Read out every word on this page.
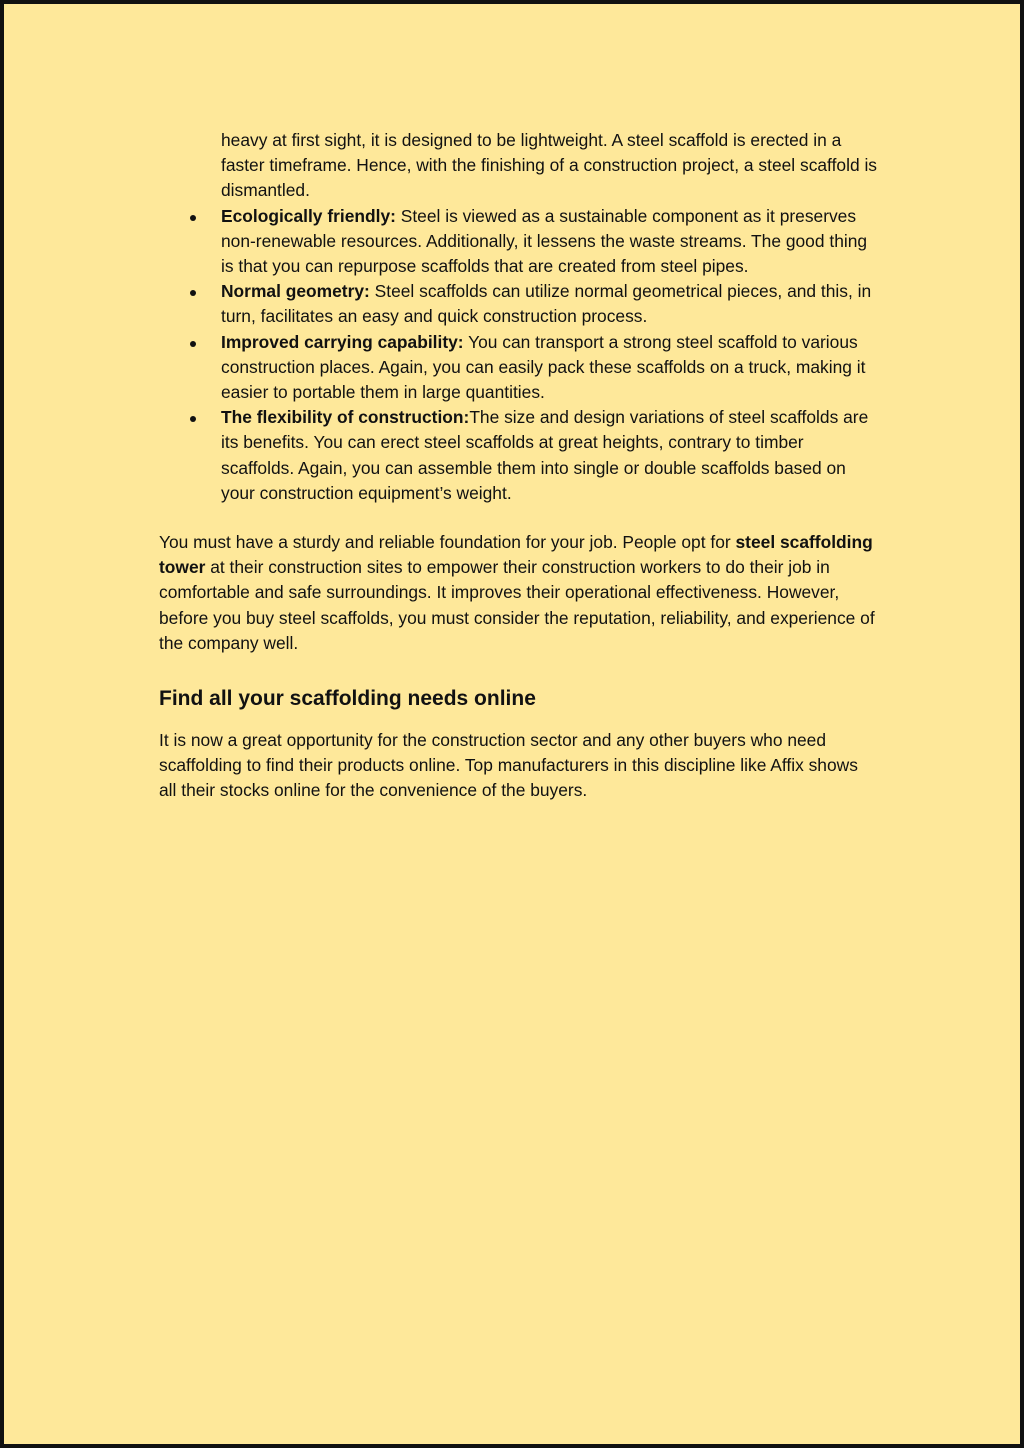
heavy at first sight, it is designed to be lightweight. A steel scaffold is erected in a faster timeframe. Hence, with the finishing of a construction project, a steel scaffold is dismantled.

Ecologically friendly: Steel is viewed as a sustainable component as it preserves non-renewable resources. Additionally, it lessens the waste streams. The good thing is that you can repurpose scaffolds that are created from steel pipes.
Normal geometry: Steel scaffolds can utilize normal geometrical pieces, and this, in turn, facilitates an easy and quick construction process.
Improved carrying capability: You can transport a strong steel scaffold to various construction places. Again, you can easily pack these scaffolds on a truck, making it easier to portable them in large quantities.
The flexibility of construction:The size and design variations of steel scaffolds are its benefits. You can erect steel scaffolds at great heights, contrary to timber scaffolds. Again, you can assemble them into single or double scaffolds based on your construction equipment’s weight.

You must have a sturdy and reliable foundation for your job. People opt for steel scaffolding tower at their construction sites to empower their construction workers to do their job in comfortable and safe surroundings. It improves their operational effectiveness. However, before you buy steel scaffolds, you must consider the reputation, reliability, and experience of the company well.

Find all your scaffolding needs online

It is now a great opportunity for the construction sector and any other buyers who need scaffolding to find their products online. Top manufacturers in this discipline like Affix shows all their stocks online for the convenience of the buyers.
